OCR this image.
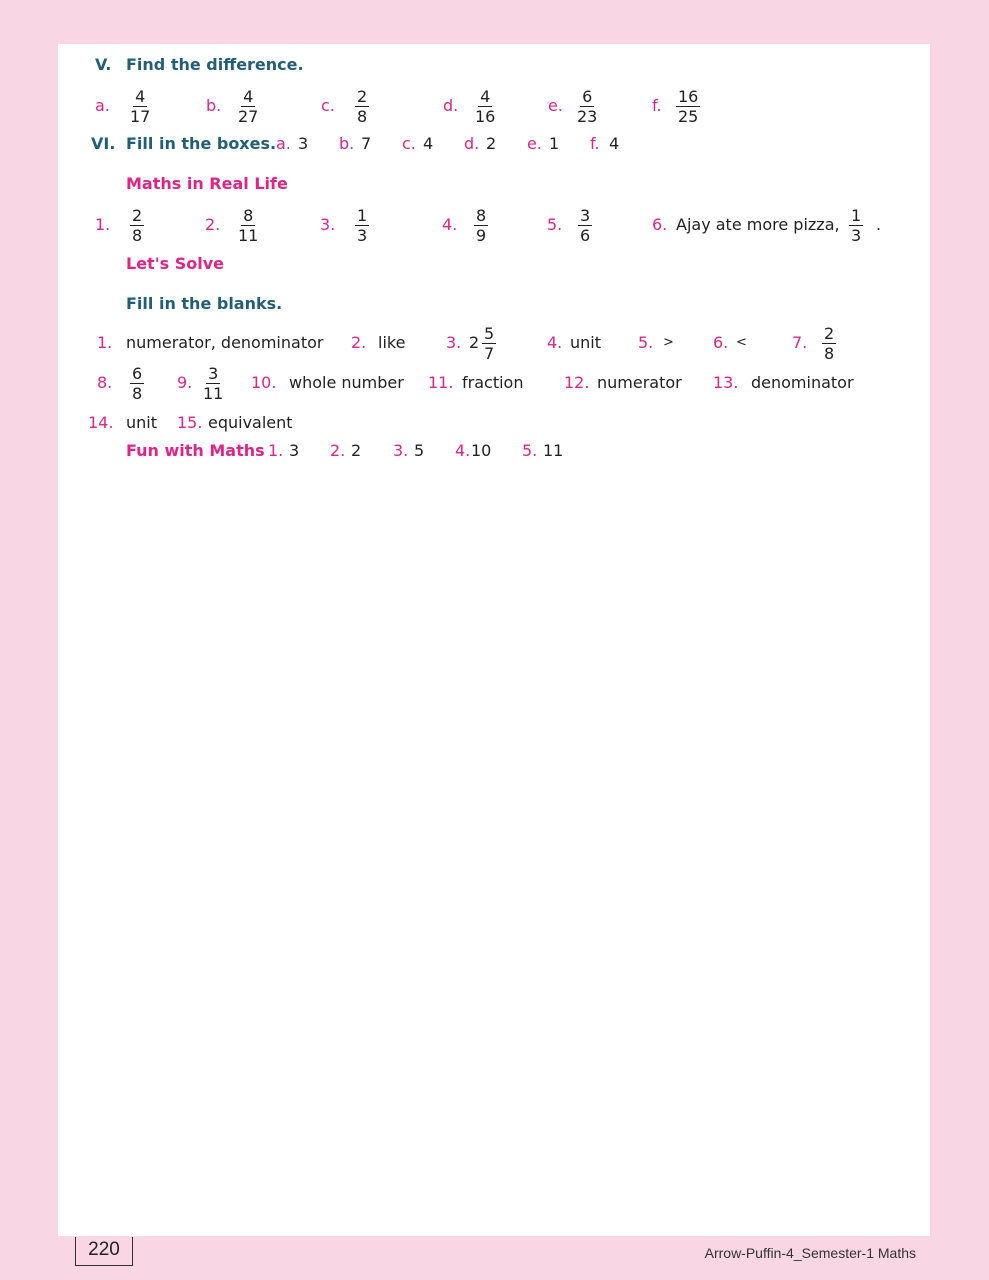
V. Find the difference.
a. $\frac{4}{17}$	b. $\frac{4}{27}$	c. $\frac{2}{8}$	d. $\frac{4}{16}$	e. $\frac{6}{23}$	f. $\frac{16}{25}$
VI. Fill in the boxes. a. 3 b. 7 c. 4 d. 2 e. 1 f. 4
Maths in Real Life
1. $\frac{2}{8}$	2. $\frac{8}{11}$	3. $\frac{1}{3}$	4. $\frac{8}{9}$	5. $\frac{3}{6}$	6. Ajay ate more pizza, $\frac{1}{3}$ .
Let's Solve
Fill in the blanks.
1. numerator, denominator 2. like	3. $2 \frac{5}{7}$	4. unit 5. > 6. <	7. $\frac{2}{8}$
8. $\frac{6}{8} 9$. $\frac{3}{11} 10$. whole number 11. fraction	12. numerator 13. denominator
14. unit 15. equivalent
Fun with Maths 1. 3 2. 2 3. 5 4. 10 5. 11
220	Arrow-Puffin-4_Semester-1 Maths
